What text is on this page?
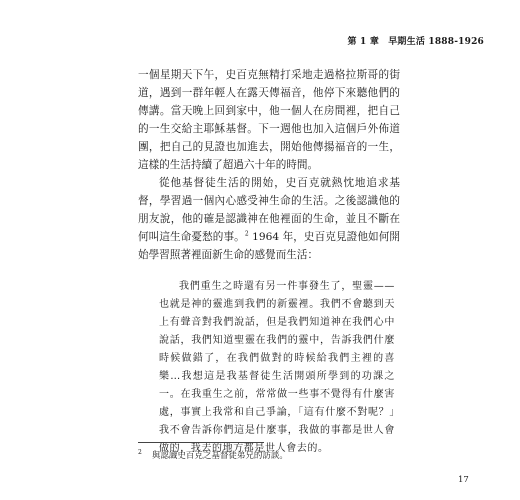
第 1 章　早期生活 1888-1926

一個星期天下午，史百克無精打采地走過格拉斯哥的街道，遇到一群年輕人在露天傳福音，他停下來聽他們的傳講。當天晚上回到家中，他一個人在房間裡，把自己的一生交給主耶穌基督。下一週他也加入這個戶外佈道團，把自己的見證也加進去，開始他傳揚福音的一生，這樣的生活持續了超過六十年的時間。

從他基督徒生活的開始，史百克就熱忱地追求基督，學習過一個內心感受神生命的生活。之後認識他的朋友說，他的確是認識神在他裡面的生命，並且不斷在何叫這生命憂愁的事。$^2$ 1964 年，史百克見證他如何開始學習照著裡面新生命的感覺而生活：

我們重生之時還有另一件事發生了，聖靈——也就是神的靈進到我們的新靈裡。我們不會聽到天上有聲音對我們說話，但是我們知道神在我們心中說話，我們知道聖靈在我們的靈中，告訴我們什麼時候做錯了，在我們做對的時候給我們主裡的喜樂…我想這是我基督徒生活開頭所學到的功課之一。在我重生之前，常常做一些事不覺得有什麼害處，事實上我常和自己爭論，「這有什麼不對呢？」我不會告訴你們這是什麼事，我做的事都是世人會做的，我去的地方都是世人會去的。
$^2$ 與認識史百克之基督徒弟兄的訪談。
17
